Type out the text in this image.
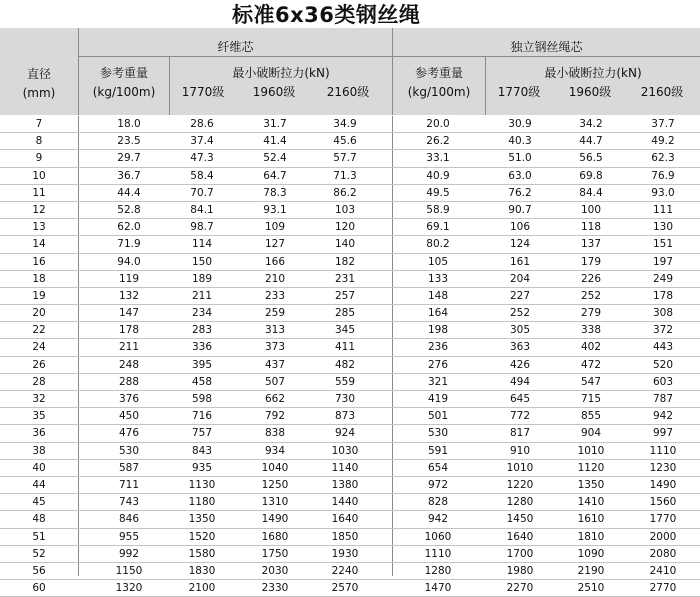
标准6x36类钢丝绳
直径
(mm)
纤维芯	独立钢丝绳芯
参考重量
(kg/100m)
最小破断拉力(kN)
1770级	1960级	2160级
参考重量
(kg/100m)
最小破断拉力(kN)
1770级	1960级	2160级
7	18.0	28.6	31.7	34.9	20.0	30.9	34.2	37.7
8	23.5	37.4	41.4	45.6	26.2	40.3	44.7	49.2
9	29.7	47.3	52.4	57.7	33.1	51.0	56.5	62.3
10	36.7	58.4	64.7	71.3	40.9	63.0	69.8	76.9
11	44.4	70.7	78.3	86.2	49.5	76.2	84.4	93.0
12	52.8	84.1	93.1	103	58.9	90.7	100	111
13	62.0	98.7	109	120	69.1	106	118	130
14	71.9	114	127	140	80.2	124	137	151
16	94.0	150	166	182	105	161	179	197
18	119	189	210	231	133	204	226	249
19	132	211	233	257	148	227	252	178
20	147	234	259	285	164	252	279	308
22	178	283	313	345	198	305	338	372
24	211	336	373	411	236	363	402	443
26	248	395	437	482	276	426	472	520
28	288	458	507	559	321	494	547	603
32	376	598	662	730	419	645	715	787
35	450	716	792	873	501	772	855	942
36	476	757	838	924	530	817	904	997
38	530	843	934	1030	591	910	1010	1110
40	587	935	1040	1140	654	1010	1120	1230
44	711	1130	1250	1380	972	1220	1350	1490
45	743	1180	1310	1440	828	1280	1410	1560
48	846	1350	1490	1640	942	1450	1610	1770
51	955	1520	1680	1850	1060	1640	1810	2000
52	992	1580	1750	1930	1110	1700	1090	2080
56	1150	1830	2030	2240	1280	1980	2190	2410
60	1320	2100	2330	2570	1470	2270	2510	2770
